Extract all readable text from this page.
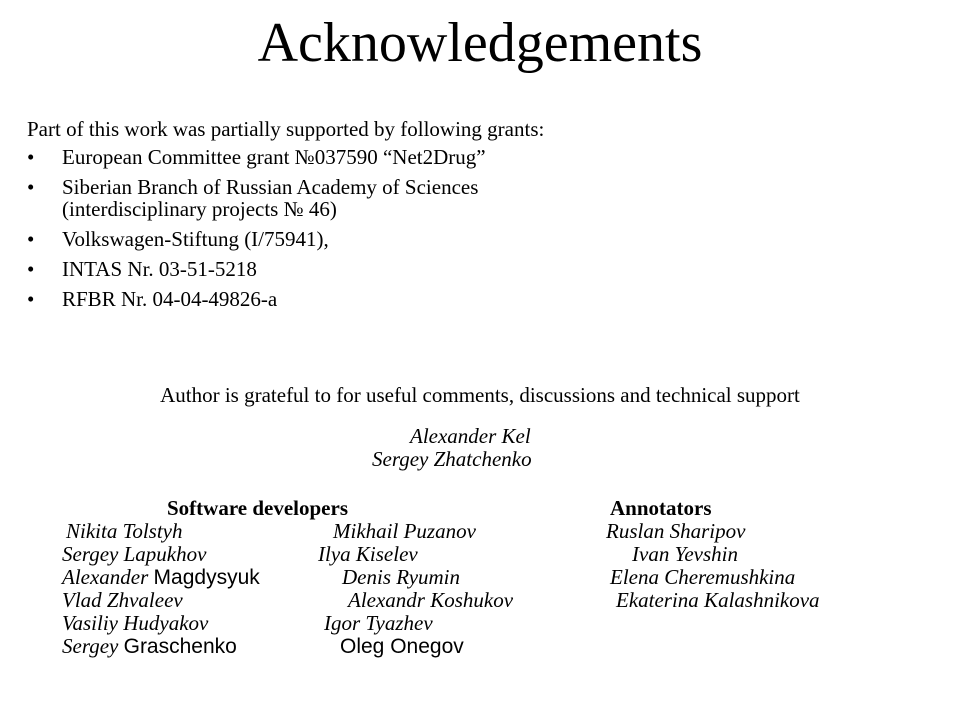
Acknowledgements
Part of this work was partially supported by following grants:
• European Committee grant №037590 “Net2Drug”
• Siberian Branch of Russian Academy of Sciences
(interdisciplinary projects № 46)
• Volkswagen-Stiftung (I/75941),
• INTAS Nr. 03-51-5218
• RFBR Nr. 04-04-49826-a
Author is grateful to for useful comments, discussions and technical support
Alexander Kel
Sergey Zhatchenko
Software developers	Annotators
Nikita Tolstyh
Sergey Lapukhov
Alexander Magdysyuk
Vlad Zhvaleev
Vasiliy Hudyakov
Sergey Graschenko
Mikhail Puzanov
Ilya Kiselev
Denis Ryumin
Alexandr Koshukov
Igor Tyazhev
Oleg Onegov
Ruslan Sharipov
Ivan Yevshin
Elena Cheremushkina
Ekaterina Kalashnikova
